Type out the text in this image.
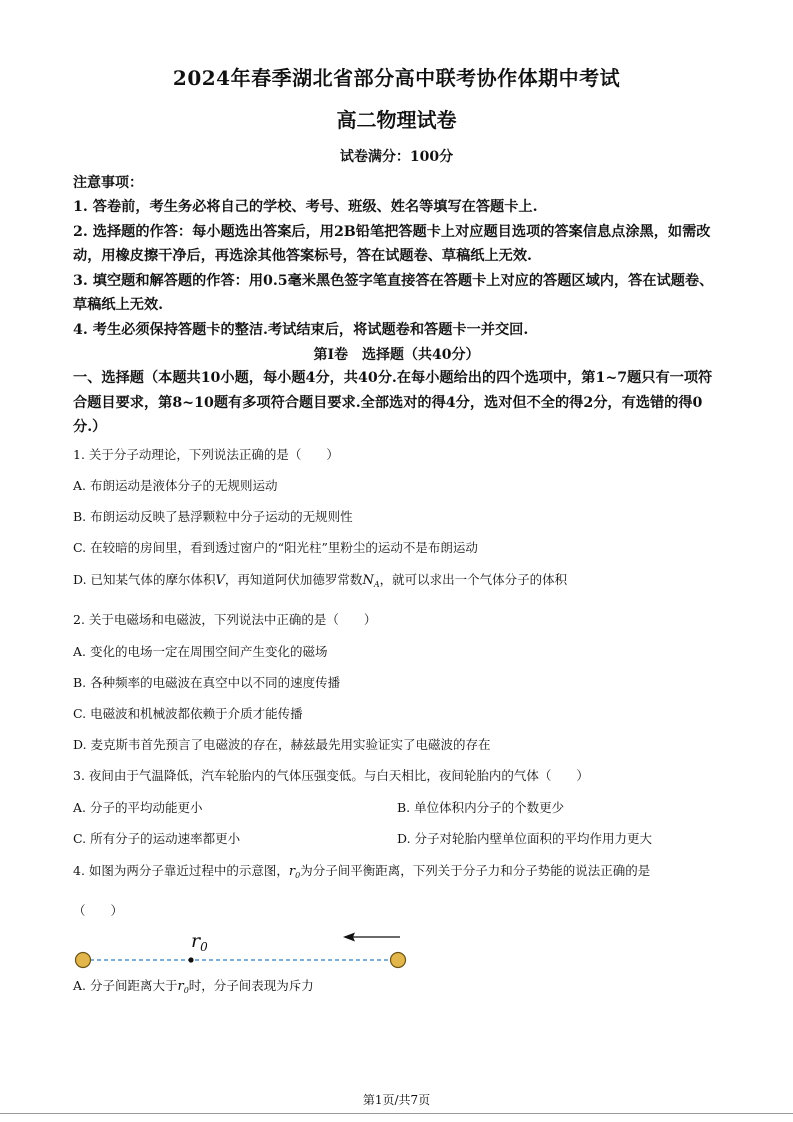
2024年春季湖北省部分高中联考协作体期中考试
高二物理试卷
试卷满分：100分
注意事项：

1. 答卷前，考生务必将自己的学校、考号、班级、姓名等填写在答题卡上.

2. 选择题的作答：每小题选出答案后，用2B铅笔把答题卡上对应题目选项的答案信息点涂黑，如需改动，用橡皮擦干净后，再选涂其他答案标号，答在试题卷、草稿纸上无效.

3. 填空题和解答题的作答：用0.5毫米黑色签字笔直接答在答题卡上对应的答题区域内，答在试题卷、草稿纸上无效.

4. 考生必须保持答题卡的整洁.考试结束后，将试题卷和答题卡一并交回.

第Ⅰ卷　选择题（共40分）

一、选择题（本题共10小题，每小题4分，共40分.在每小题给出的四个选项中，第1~7题只有一项符合题目要求，第8~10题有多项符合题目要求.全部选对的得4分，选对但不全的得2分，有选错的得0分.）

1. 关于分子动理论，下列说法正确的是（　　）
A. 布朗运动是液体分子的无规则运动
B. 布朗运动反映了悬浮颗粒中分子运动的无规则性
C. 在较暗的房间里，看到透过窗户的“阳光柱”里粉尘的运动不是布朗运动
D. 已知某气体的摩尔体积V，再知道阿伏加德罗常数$N_A$，就可以求出一个气体分子的体积
2. 关于电磁场和电磁波，下列说法中正确的是（　　）
A. 变化的电场一定在周围空间产生变化的磁场
B. 各种频率的电磁波在真空中以不同的速度传播
C. 电磁波和机械波都依赖于介质才能传播
D. 麦克斯韦首先预言了电磁波的存在，赫兹最先用实验证实了电磁波的存在
3. 夜间由于气温降低，汽车轮胎内的气体压强变低。与白天相比，夜间轮胎内的气体（　　）
A. 分子的平均动能更小	B. 单位体积内分子的个数更少
C. 所有分子的运动速率都更小	D. 分子对轮胎内壁单位面积的平均作用力更大
4. 如图为两分子靠近过程中的示意图，$r_0$为分子间平衡距离，下列关于分子力和分子势能的说法正确的是
（　　）
$r_0$
A. 分子间距离大于$r_0$时，分子间表现为斥力
第1页/共7页
